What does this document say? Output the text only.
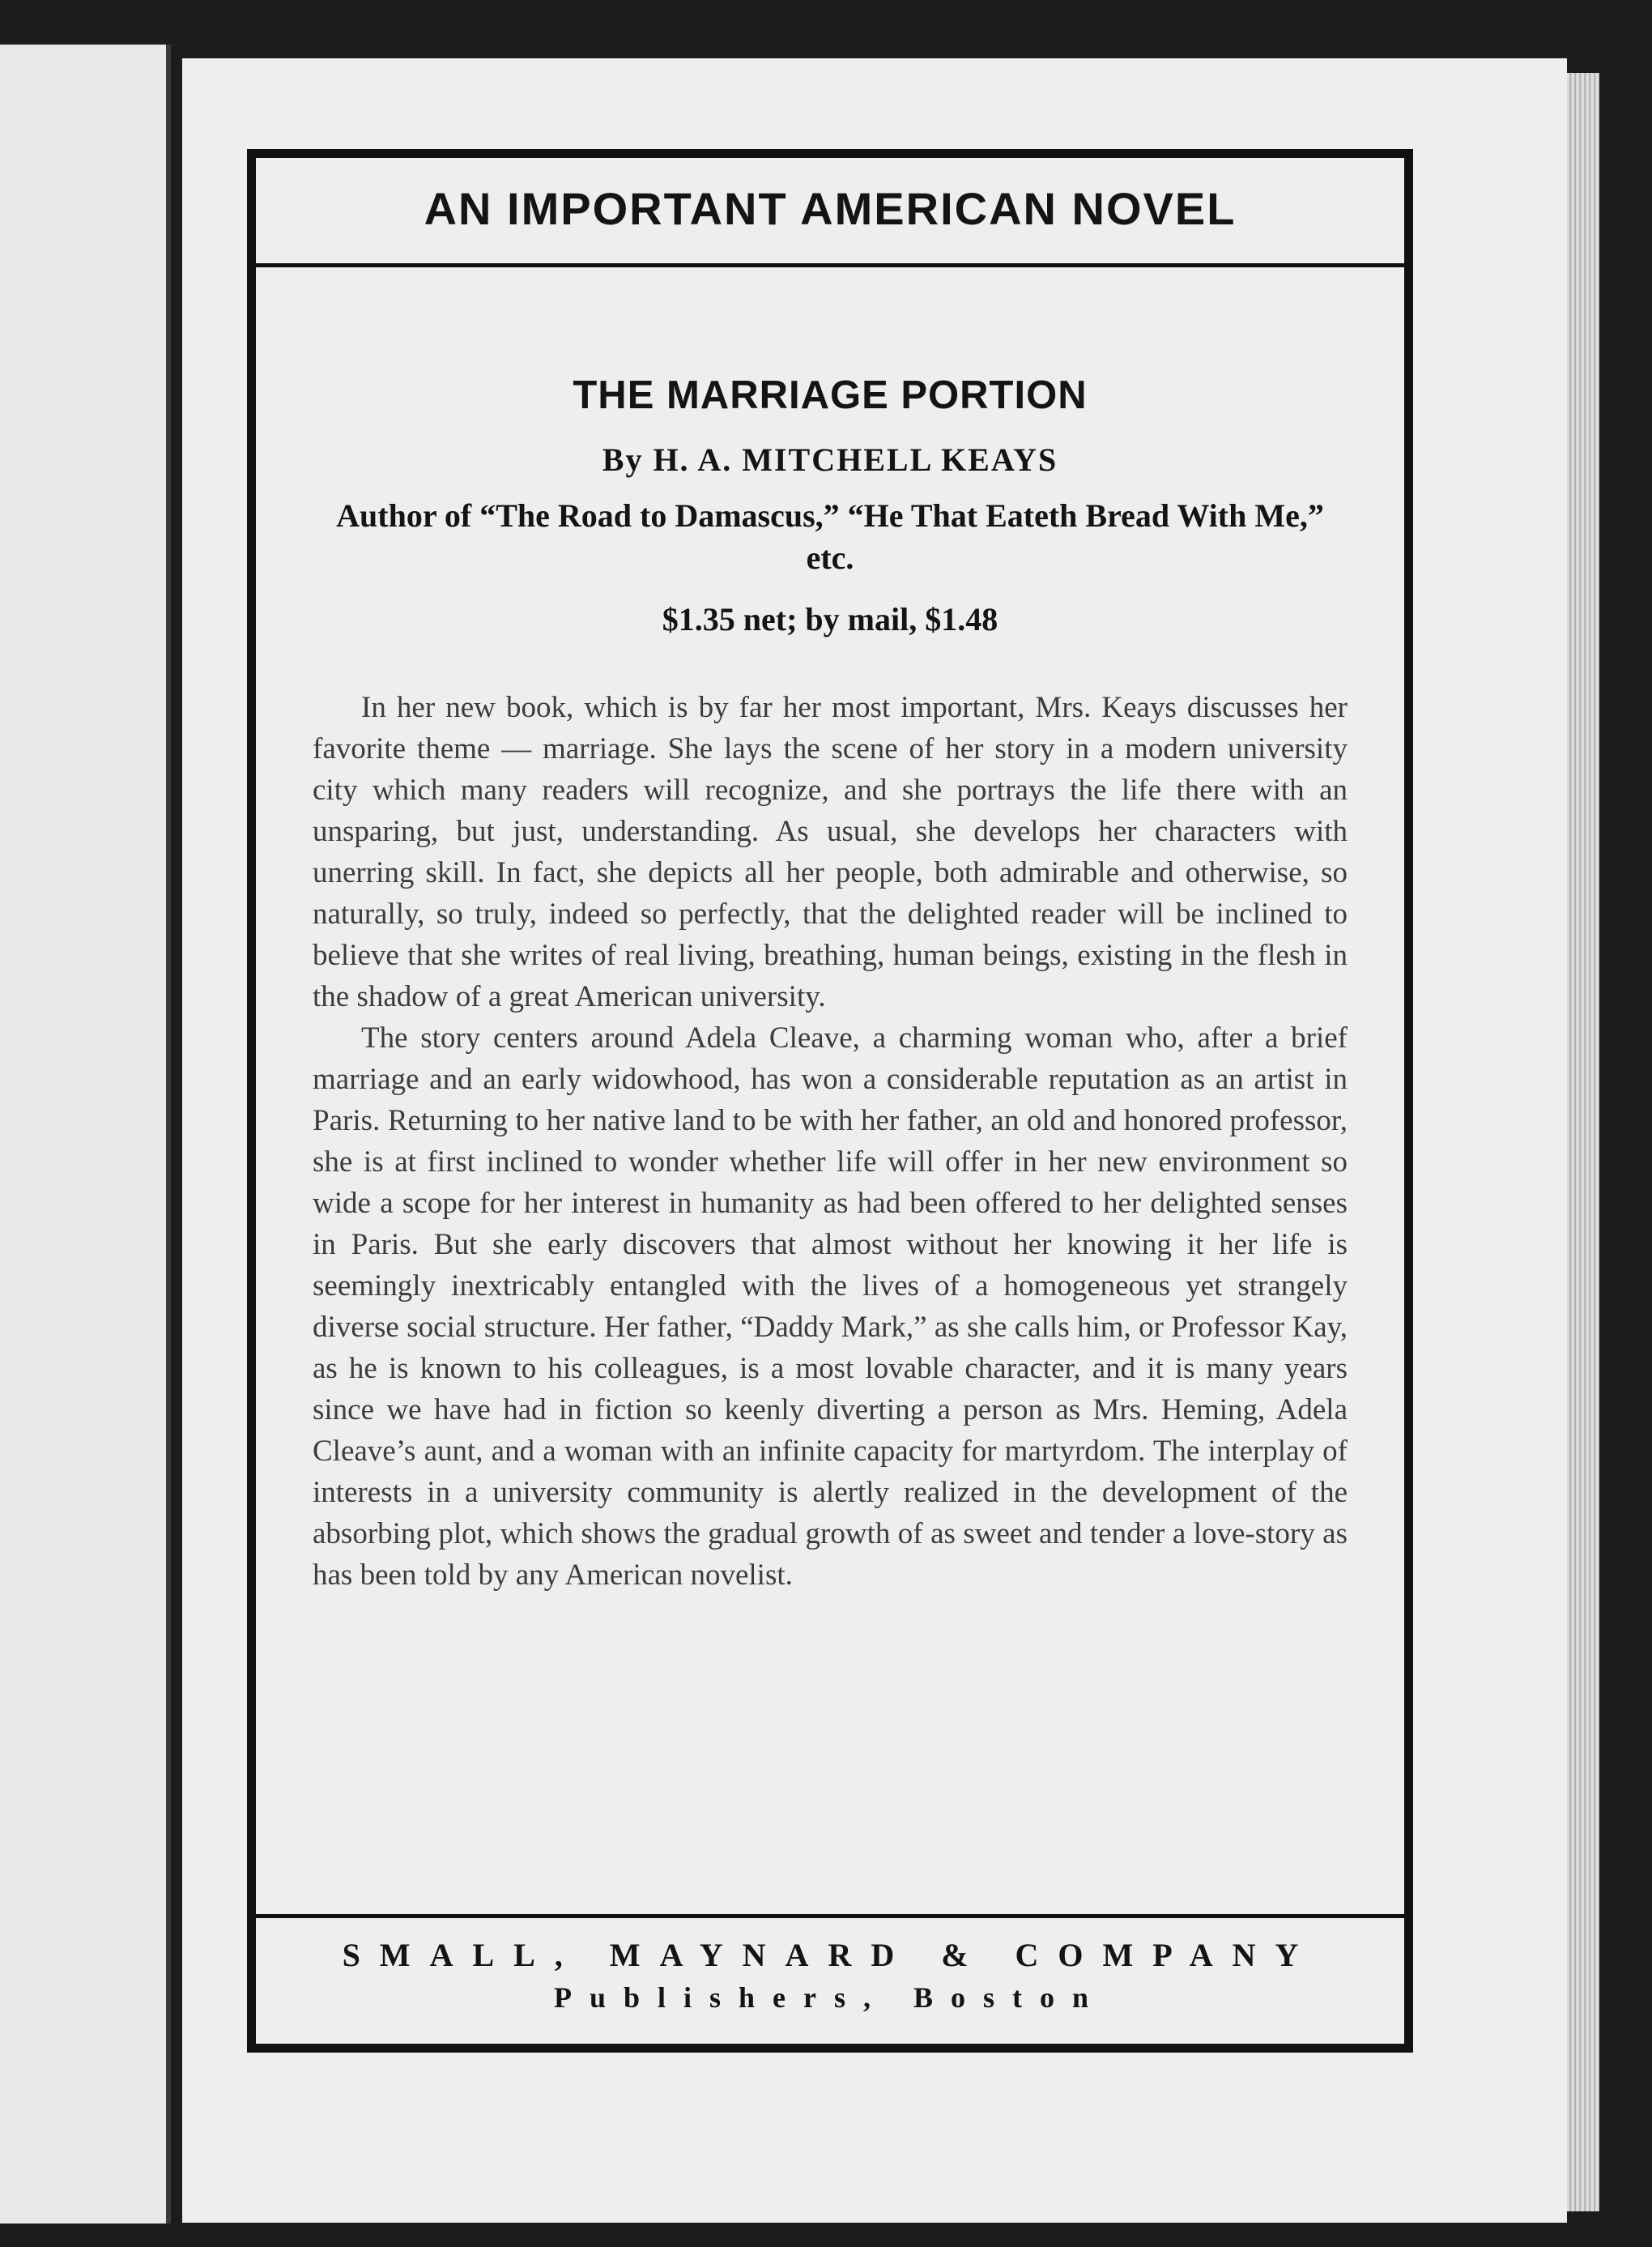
AN IMPORTANT AMERICAN NOVEL
THE MARRIAGE PORTION

By H. A. MITCHELL KEAYS

Author of “The Road to Damascus,” “He That Eateth Bread With Me,” etc.

$1.35 net; by mail, $1.48

In her new book, which is by far her most important, Mrs. Keays discusses her favorite theme — marriage. She lays the scene of her story in a modern university city which many readers will recognize, and she portrays the life there with an unsparing, but just, understanding. As usual, she develops her characters with unerring skill. In fact, she depicts all her people, both admirable and otherwise, so naturally, so truly, indeed so perfectly, that the delighted reader will be inclined to believe that she writes of real living, breathing, human beings, existing in the flesh in the shadow of a great American university.

The story centers around Adela Cleave, a charming woman who, after a brief marriage and an early widowhood, has won a considerable reputation as an artist in Paris. Returning to her native land to be with her father, an old and honored professor, she is at first inclined to wonder whether life will offer in her new environment so wide a scope for her interest in humanity as had been offered to her delighted senses in Paris. But she early discovers that almost without her knowing it her life is seemingly inextricably entangled with the lives of a homogeneous yet strangely diverse social structure. Her father, “Daddy Mark,” as she calls him, or Professor Kay, as he is known to his colleagues, is a most lovable character, and it is many years since we have had in fiction so keenly diverting a person as Mrs. Heming, Adela Cleave’s aunt, and a woman with an infinite capacity for martyrdom. The interplay of interests in a university community is alertly realized in the development of the absorbing plot, which shows the gradual growth of as sweet and tender a love-story as has been told by any American novelist.

SMALL, MAYNARD & COMPANY

Publishers, Boston
